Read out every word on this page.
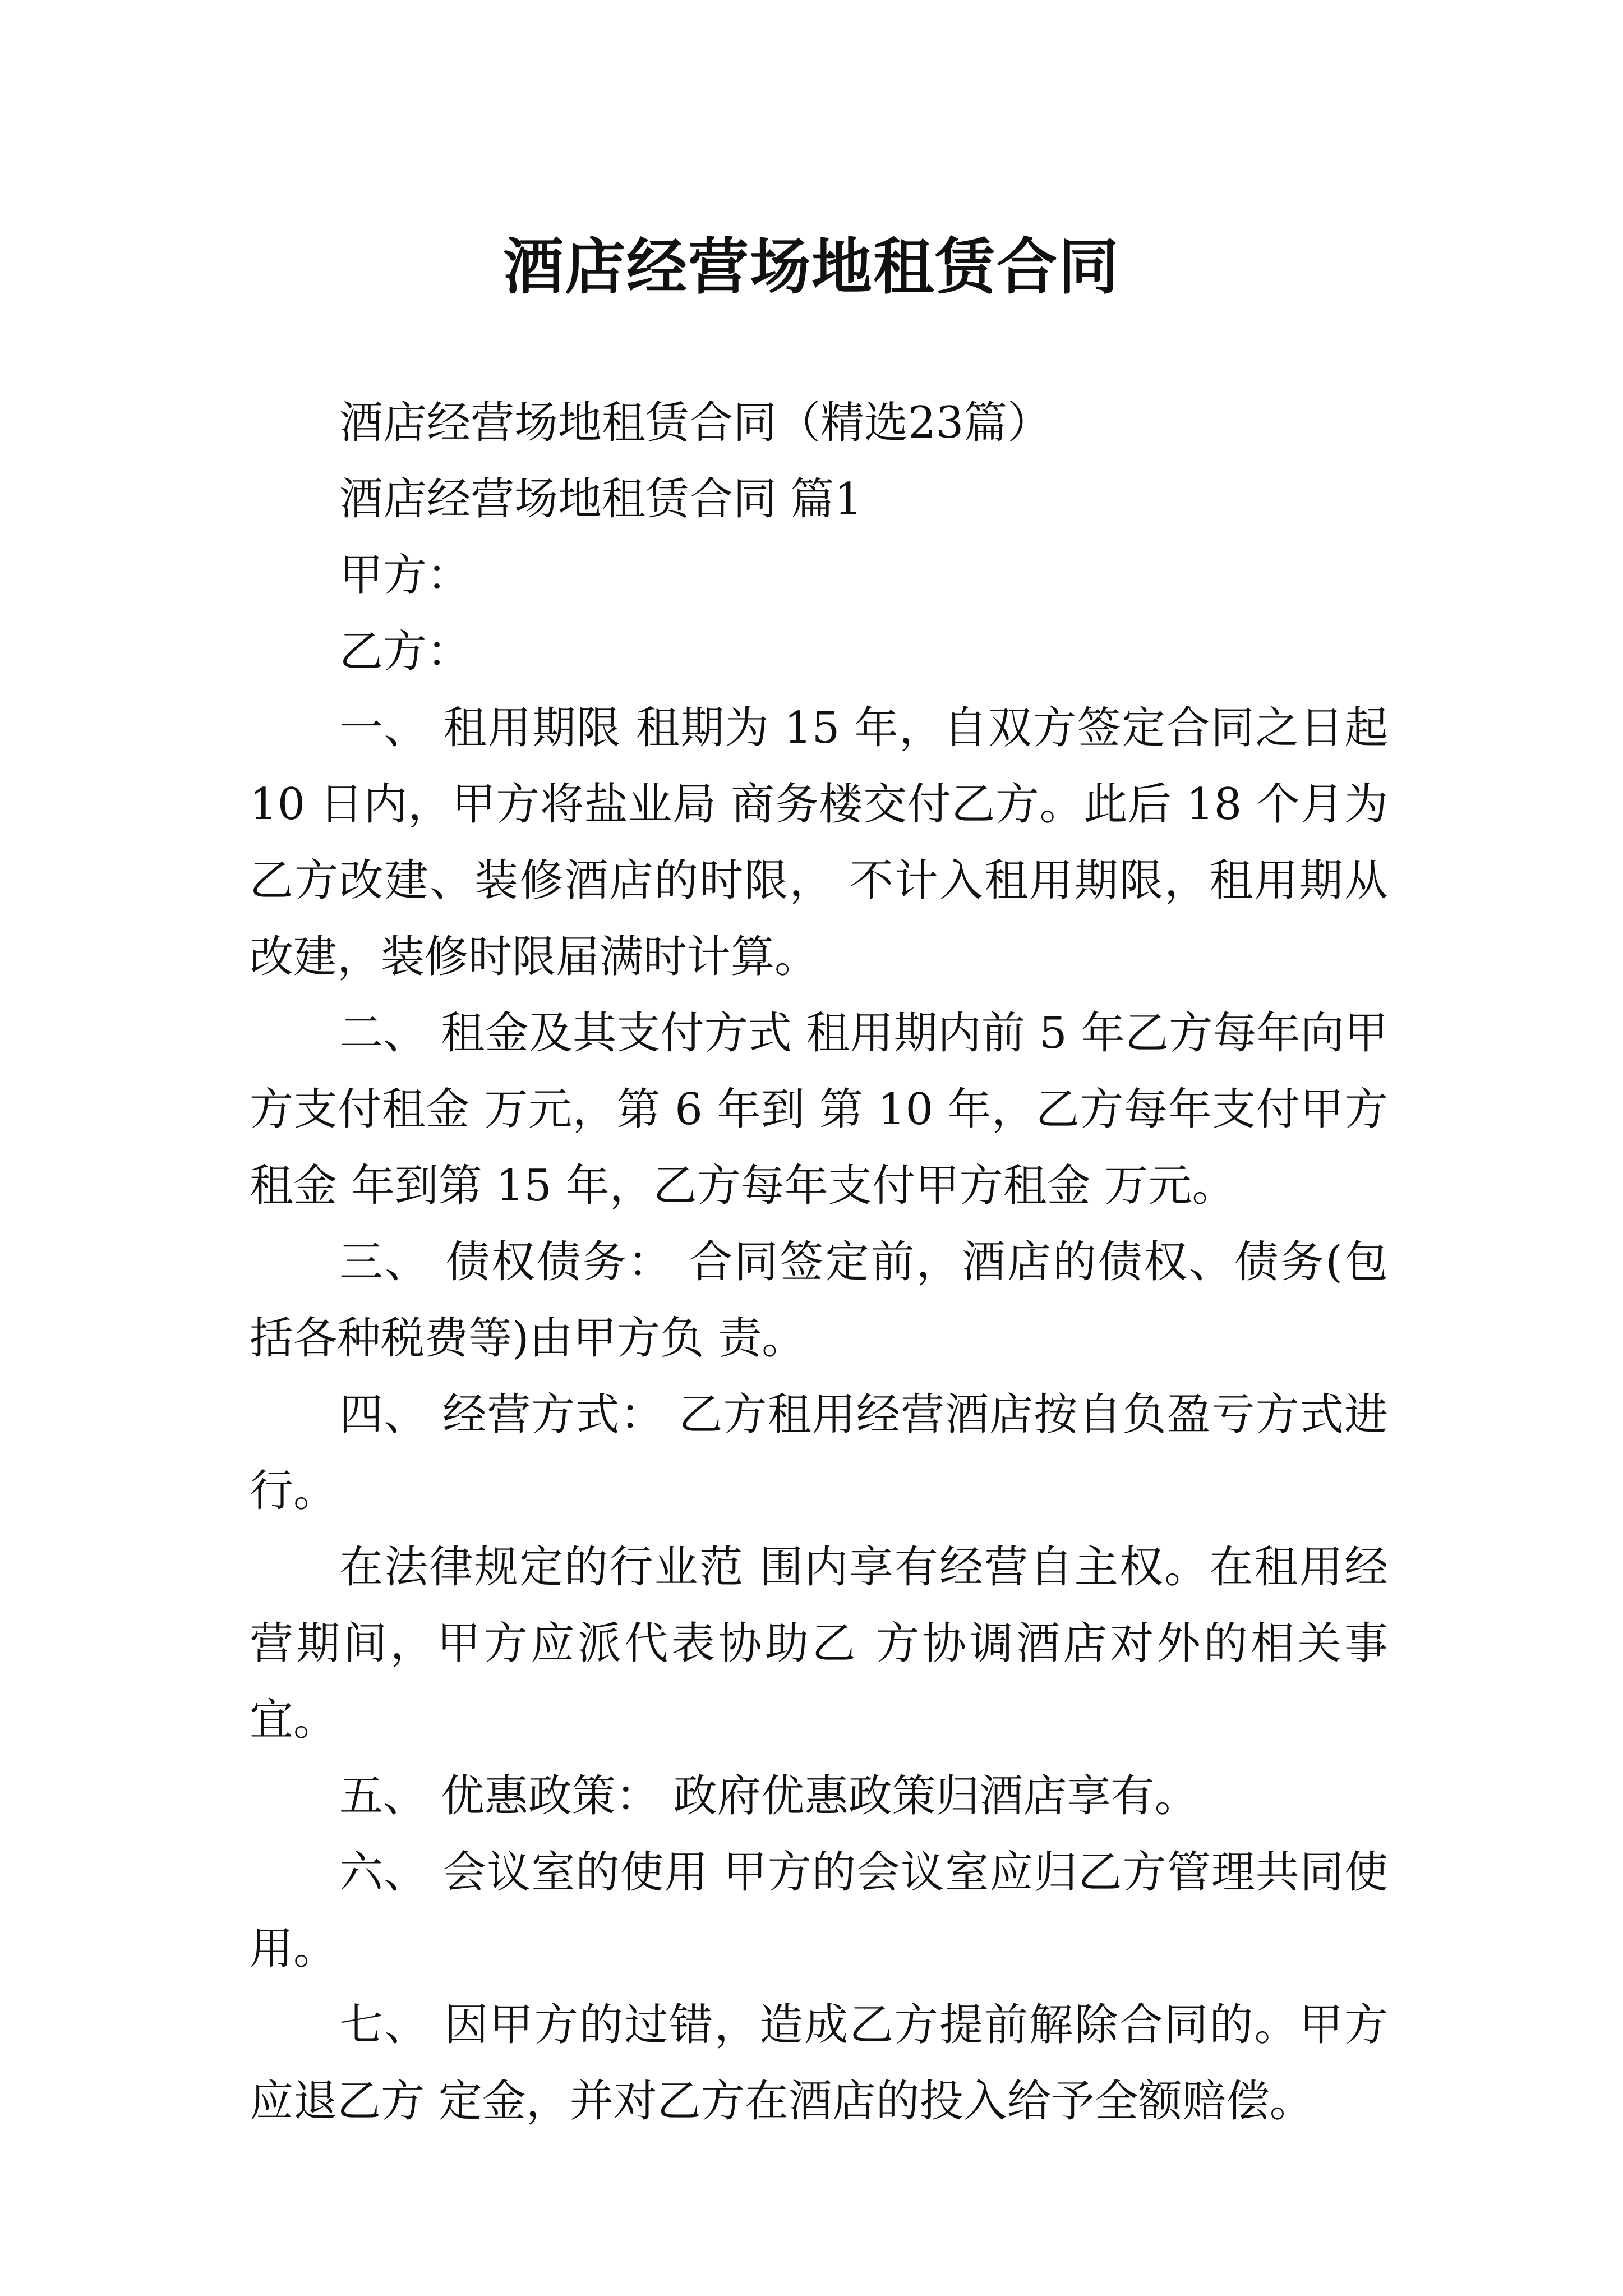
酒店经营场地租赁合同

酒店经营场地租赁合同（精选23篇）

酒店经营场地租赁合同 篇1

甲方：

乙方：

一、 租用期限 租期为 15 年，自双方签定合同之日起 10 日内，甲方将盐业局 商务楼交付乙方。此后 18 个月为乙方改建、装修酒店的时限， 不计入租用期限，租用期从改建，装修时限届满时计算。

二、 租金及其支付方式 租用期内前 5 年乙方每年向甲方支付租金 万元，第 6 年到 第 10 年，乙方每年支付甲方租金 年到第 15 年，乙方每年支付甲方租金 万元。

三、 债权债务： 合同签定前，酒店的债权、债务(包括各种税费等)由甲方负 责。

四、 经营方式： 乙方租用经营酒店按自负盈亏方式进行。

在法律规定的行业范 围内享有经营自主权。在租用经营期间，甲方应派代表协助乙 方协调酒店对外的相关事宜。

五、 优惠政策： 政府优惠政策归酒店享有。

六、 会议室的使用 甲方的会议室应归乙方管理共同使用。

七、 因甲方的过错，造成乙方提前解除合同的。甲方应退乙方 定金，并对乙方在酒店的投入给予全额赔偿。
